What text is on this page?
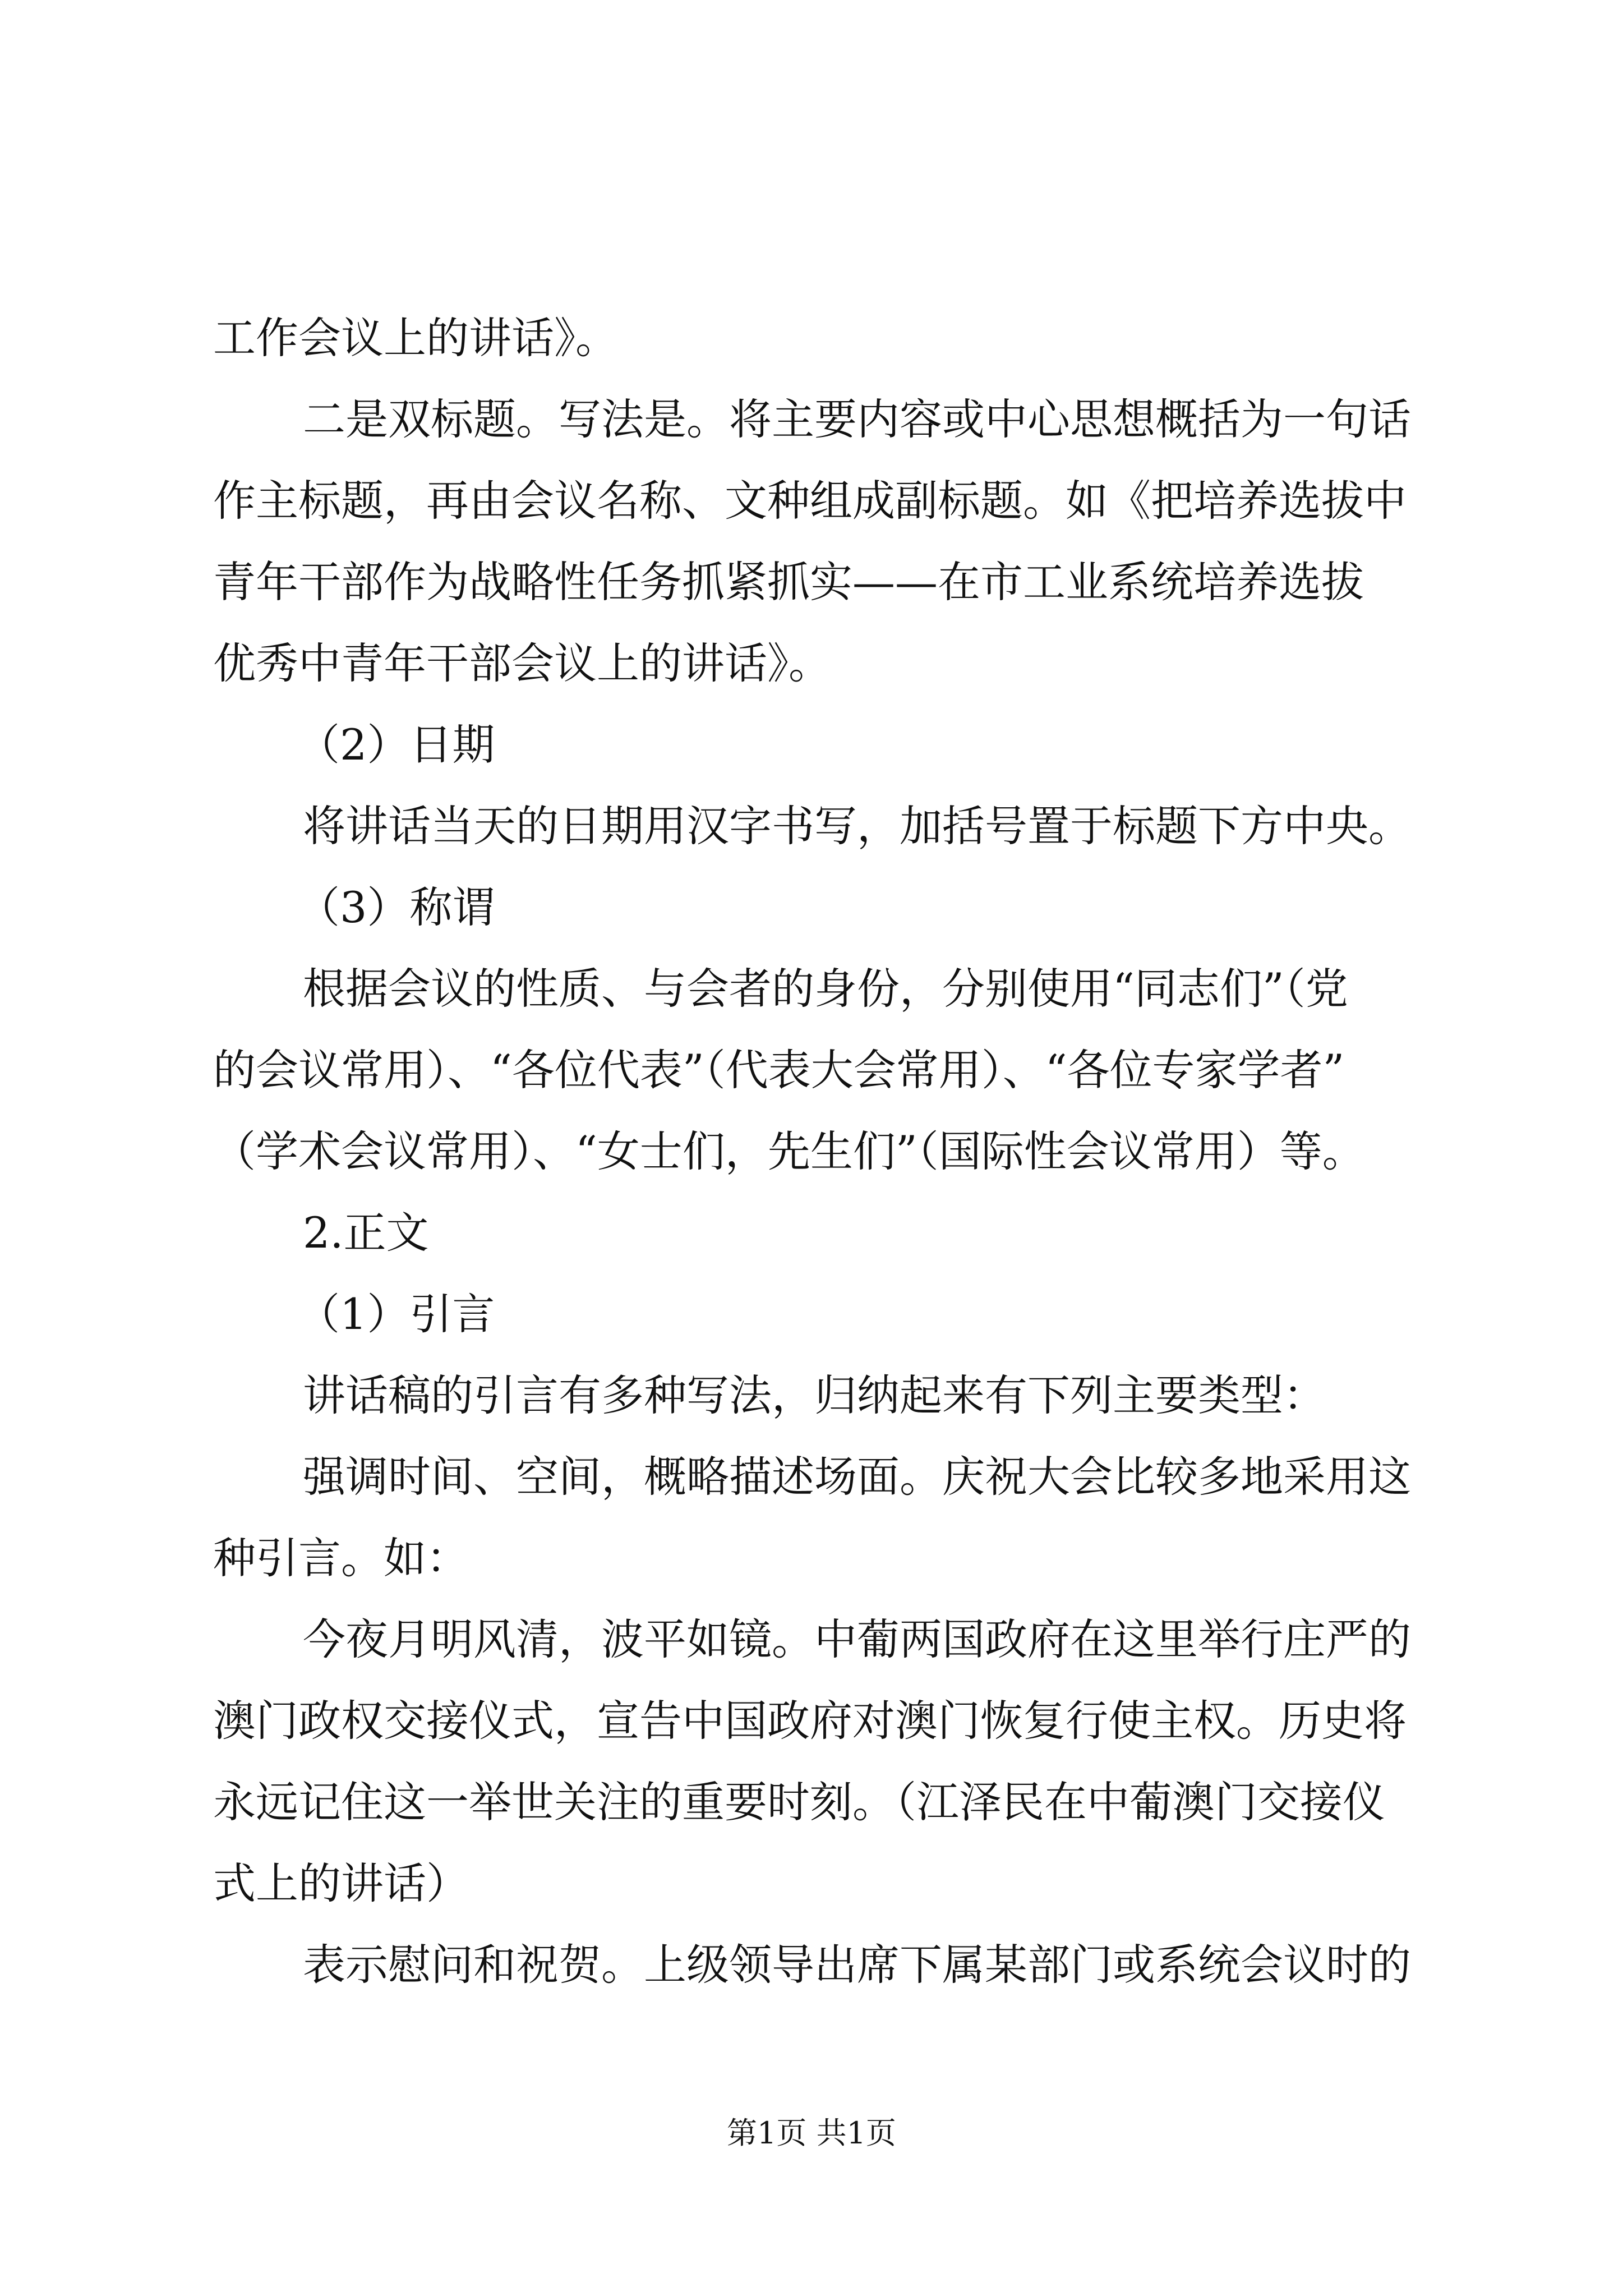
工作会议上的讲话》。
二是双标题。写法是。将主要内容或中心思想概括为一句话
作主标题，再由会议名称、文种组成副标题。如《把培养选拔中
青年干部作为战略性任务抓紧抓实——在市工业系统培养选拔
优秀中青年干部会议上的讲话》。
（2）日期
将讲话当天的日期用汉字书写，加括号置于标题下方中央。
（3）称谓
根据会议的性质、与会者的身份，分别使用“同志们”（党
的会议常用）、“各位代表”（代表大会常用）、“各位专家学者”
（学术会议常用）、“女士们，先生们”（国际性会议常用）等。
2.正文
（1）引言
讲话稿的引言有多种写法，归纳起来有下列主要类型：
强调时间、空间，概略描述场面。庆祝大会比较多地采用这
种引言。如：
今夜月明风清，波平如镜。中葡两国政府在这里举行庄严的
澳门政权交接仪式，宣告中国政府对澳门恢复行使主权。历史将
永远记住这一举世关注的重要时刻。（江泽民在中葡澳门交接仪
式上的讲话）
表示慰问和祝贺。上级领导出席下属某部门或系统会议时的
第1页 共1页
